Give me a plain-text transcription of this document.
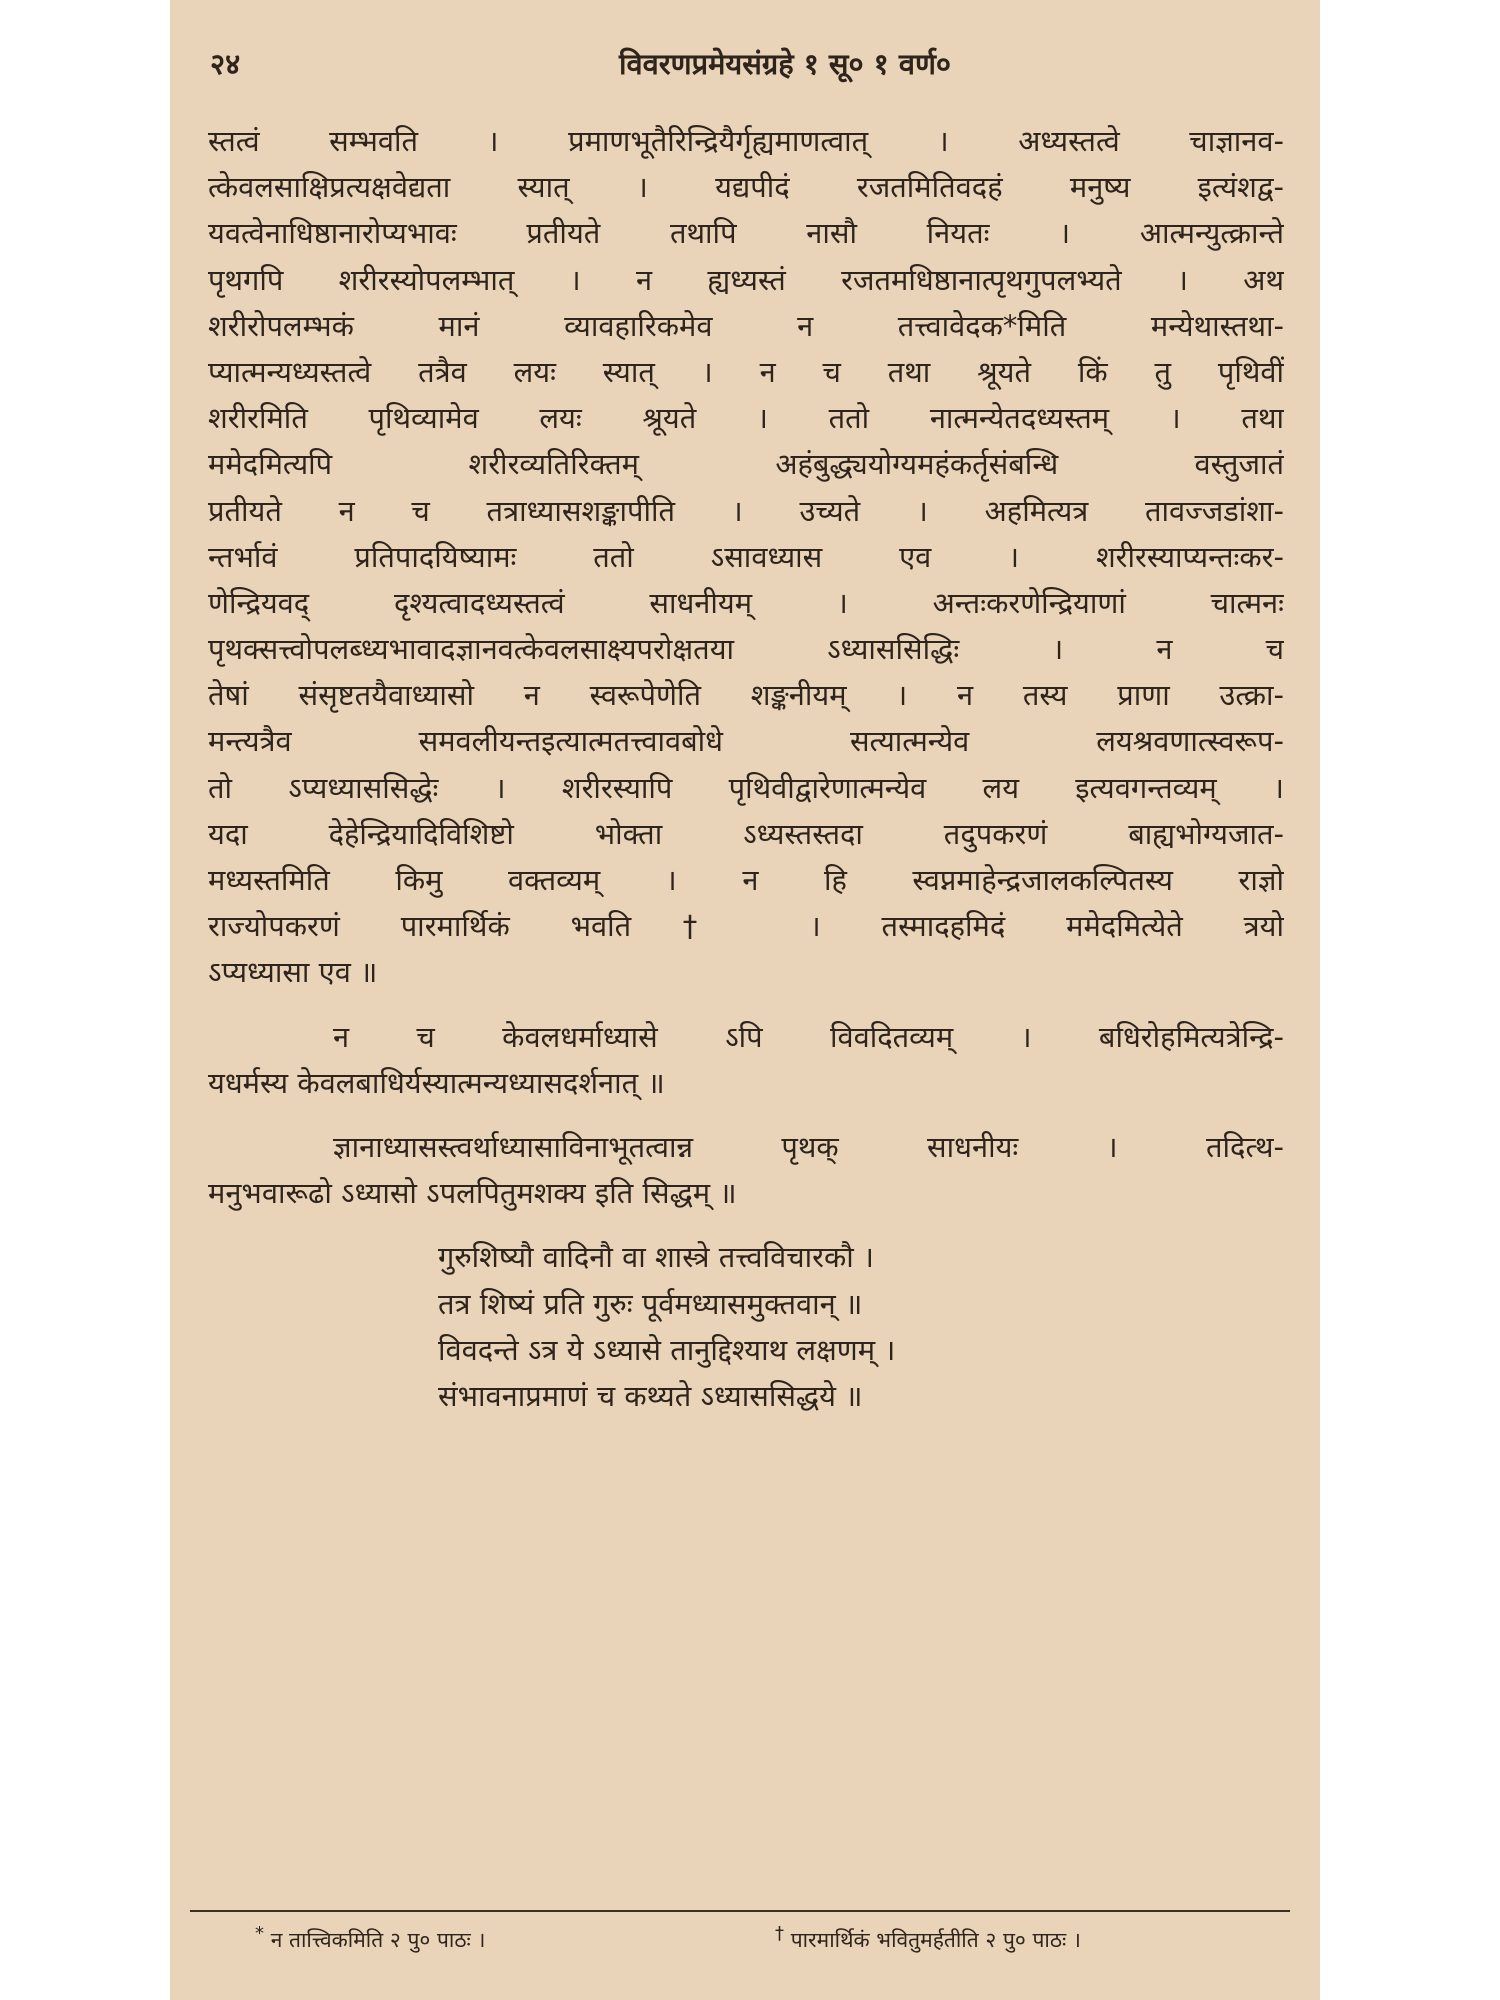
२४	विवरणप्रमेयसंग्रहे १ सू० १ वर्ण०
स्तत्वं सम्भवति । प्रमाणभूतैरिन्द्रियैर्गृह्यमाणत्वात् । अध्यस्तत्वे चाज्ञानव-
त्केवलसाक्षिप्रत्यक्षवेद्यता स्यात् । यद्यपीदं रजतमितिवदहं मनुष्य इत्यंशद्व-
यवत्वेनाधिष्ठानारोप्यभावः प्रतीयते तथापि नासौ नियतः । आत्मन्युत्क्रान्ते
पृथगपि शरीरस्योपलम्भात् । न ह्यध्यस्तं रजतमधिष्ठानात्पृथगुपलभ्यते । अथ
शरीरोपलम्भकं मानं व्यावहारिकमेव न तत्त्वावेदक*मिति मन्येथास्तथा-
प्यात्मन्यध्यस्तत्वे तत्रैव लयः स्यात् । न च तथा श्रूयते किं तु पृथिवीं
शरीरमिति पृथिव्यामेव लयः श्रूयते । ततो नात्मन्येतदध्यस्तम् । तथा
ममेदमित्यपि शरीरव्यतिरिक्तम् अहंबुद्ध्ययोग्यमहंकर्तृसंबन्धि वस्तुजातं
प्रतीयते न च तत्राध्यासशङ्कापीति । उच्यते । अहमित्यत्र तावज्जडांशा-
न्तर्भावं प्रतिपादयिष्यामः ततो ऽसावध्यास एव । शरीरस्याप्यन्तःकर-
णेन्द्रियवद् दृश्यत्वादध्यस्तत्वं साधनीयम् । अन्तःकरणेन्द्रियाणां चात्मनः
पृथक्सत्त्वोपलब्ध्यभावादज्ञानवत्केवलसाक्ष्यपरोक्षतया ऽध्याससिद्धिः । न च
तेषां संसृष्टतयैवाध्यासो न स्वरूपेणेति शङ्कनीयम् । न तस्य प्राणा उत्क्रा-
मन्त्यत्रैव समवलीयन्तइत्यात्मतत्त्वावबोधे सत्यात्मन्येव लयश्रवणात्स्वरूप-
तो ऽप्यध्याससिद्धेः । शरीरस्यापि पृथिवीद्वारेणात्मन्येव लय इत्यवगन्तव्यम् ।
यदा देहेन्द्रियादिविशिष्टो भोक्ता ऽध्यस्तस्तदा तदुपकरणं बाह्यभोग्यजात-
मध्यस्तमिति किमु वक्तव्यम् । न हि स्वप्नमाहेन्द्रजालकल्पितस्य राज्ञो
राज्योपकरणं पारमार्थिकं भवति† । तस्मादहमिदं ममेदमित्येते त्रयो
ऽप्यध्यासा एव ॥
न च केवलधर्माध्यासे ऽपि विवदितव्यम् । बधिरोहमित्यत्रेन्द्रि-
यधर्मस्य केवलबाधिर्यस्यात्मन्यध्यासदर्शनात् ॥
ज्ञानाध्यासस्त्वर्थाध्यासाविनाभूतत्वान्न पृथक् साधनीयः । तदित्थ-
मनुभवारूढो ऽध्यासो ऽपलपितुमशक्य इति सिद्धम् ॥
गुरुशिष्यौ वादिनौ वा शास्त्रे तत्त्वविचारकौ ।
तत्र शिष्यं प्रति गुरुः पूर्वमध्यासमुक्तवान् ॥
विवदन्ते ऽत्र ये ऽध्यासे तानुद्दिश्याथ लक्षणम् ।
संभावनाप्रमाणं च कथ्यते ऽध्याससिद्धये ॥
* न तात्त्विकमिति २ पु० पाठः ।	† पारमार्थिकं भवितुमर्हतीति २ पु० पाठः ।
